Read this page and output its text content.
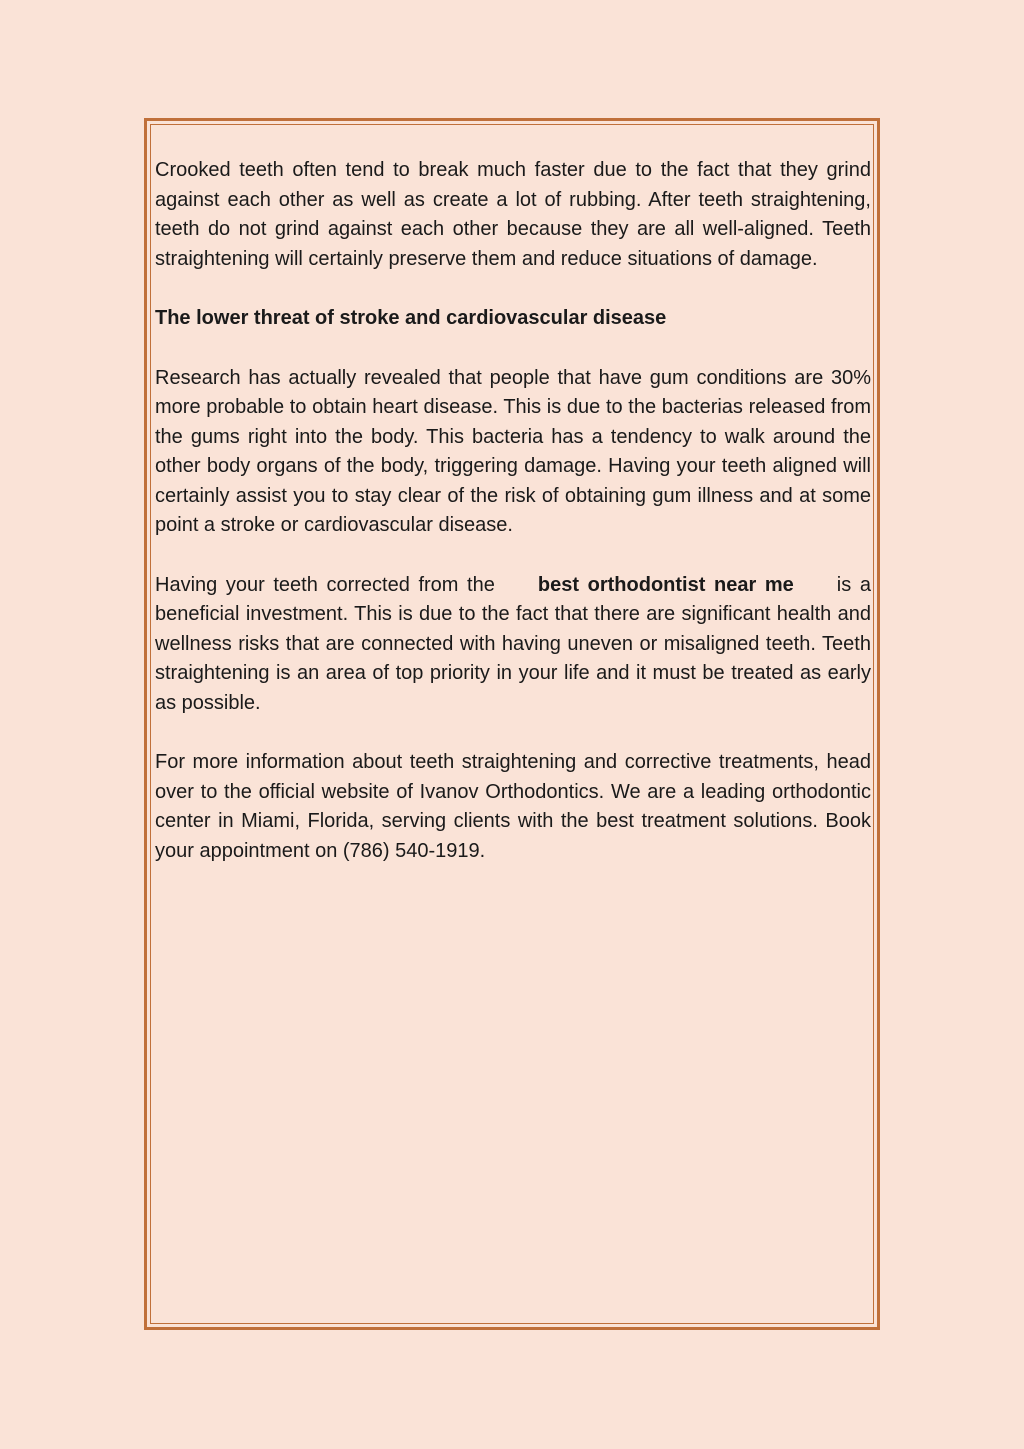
Crooked teeth often tend to break much faster due to the fact that they grind against each other as well as create a lot of rubbing. After teeth straightening, teeth do not grind against each other because they are all well-aligned. Teeth straightening will certainly preserve them and reduce situations of damage.

The lower threat of stroke and cardiovascular disease

Research has actually revealed that people that have gum conditions are 30% more probable to obtain heart disease. This is due to the bacterias released from the gums right into the body. This bacteria has a tendency to walk around the other body organs of the body, triggering damage. Having your teeth aligned will certainly assist you to stay clear of the risk of obtaining gum illness and at some point a stroke or cardiovascular disease.

Having your teeth corrected from the best orthodontist near me is a beneficial investment. This is due to the fact that there are significant health and wellness risks that are connected with having uneven or misaligned teeth. Teeth straightening is an area of top priority in your life and it must be treated as early as possible.

For more information about teeth straightening and corrective treatments, head over to the official website of Ivanov Orthodontics. We are a leading orthodontic center in Miami, Florida, serving clients with the best treatment solutions. Book your appointment on (786) 540-1919.
